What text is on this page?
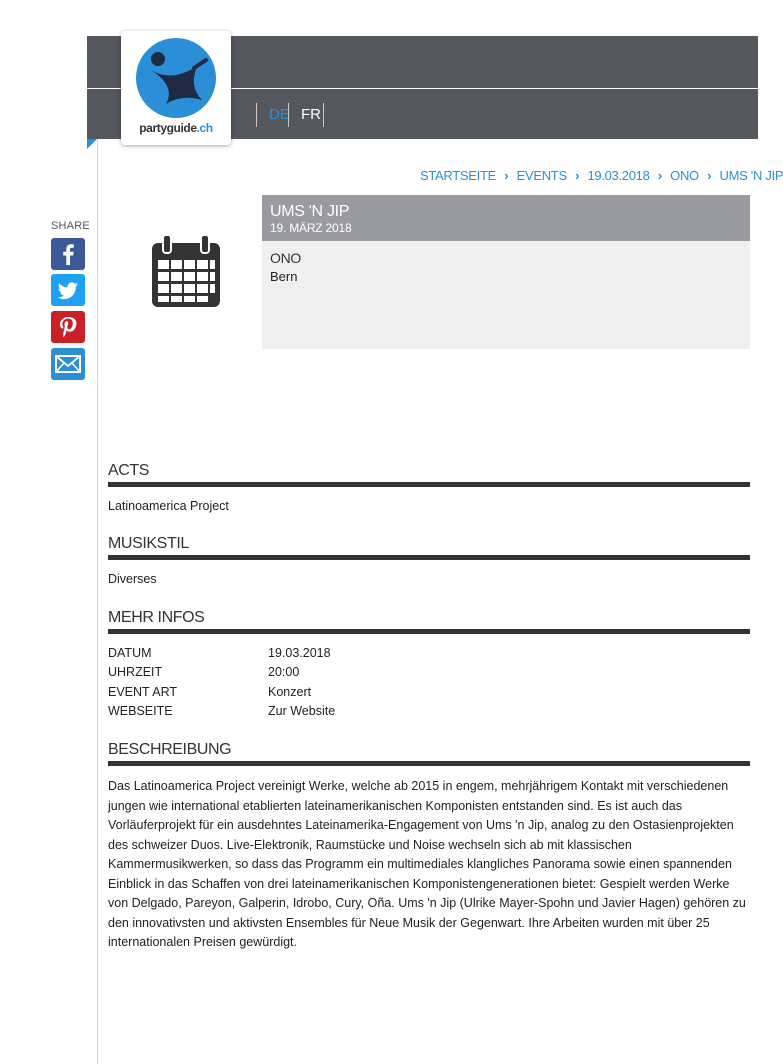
partyguide.ch
DE FR
STARTSEITE › EVENTS › 19.03.2018 › ONO › UMS 'N JIP
SHARE
UMS 'N JIP
19. MÄRZ 2018
ONO
Bern
ACTS
Latinoamerica Project
MUSIKSTIL
Diverses
MEHR INFOS
DATUM	19.03.2018
UHRZEIT	20:00
EVENT ART	Konzert
WEBSEITE	Zur Website
BESCHREIBUNG
Das Latinoamerica Project vereinigt Werke, welche ab 2015 in engem, mehrjährigem Kontakt mit verschiedenen jungen wie international etablierten lateinamerikanischen Komponisten entstanden sind. Es ist auch das Vorläuferprojekt für ein ausdehntes Lateinamerika-Engagement von Ums 'n Jip, analog zu den Ostasienprojekten des schweizer Duos. Live-Elektronik, Raumstücke und Noise wechseln sich ab mit klassischen Kammermusikwerken, so dass das Programm ein multimediales klangliches Panorama sowie einen spannenden Einblick in das Schaffen von drei lateinamerikanischen Komponistengenerationen bietet: Gespielt werden Werke von Delgado, Pareyon, Galperin, Idrobo, Cury, Oña. Ums 'n Jip (Ulrike Mayer-Spohn und Javier Hagen) gehören zu den innovativsten und aktivsten Ensembles für Neue Musik der Gegenwart. Ihre Arbeiten wurden mit über 25 internationalen Preisen gewürdigt.
